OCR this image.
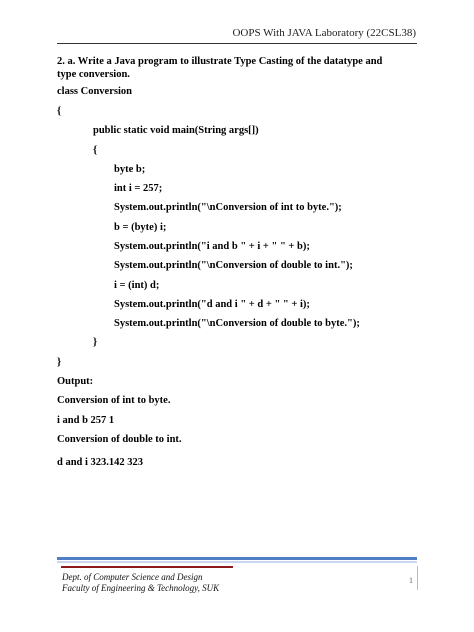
OOPS With JAVA Laboratory (22CSL38)
2. a. Write a Java program to illustrate Type Casting of the datatype and type conversion.
class Conversion
{
public static void main(String args[])
{
byte b;
int i = 257;
System.out.println("\nConversion of int to byte.");
b = (byte) i;
System.out.println("i and b " + i + " " + b);
System.out.println("\nConversion of double to int.");
i = (int) d;
System.out.println("d and i " + d + " " + i);
System.out.println("\nConversion of double to byte.");
}
}
Output:
Conversion of int to byte.
i and b 257 1
Conversion of double to int.
d and i 323.142 323
Dept. of Computer Science and Design
Faculty of Engineering & Technology, SUK
1
